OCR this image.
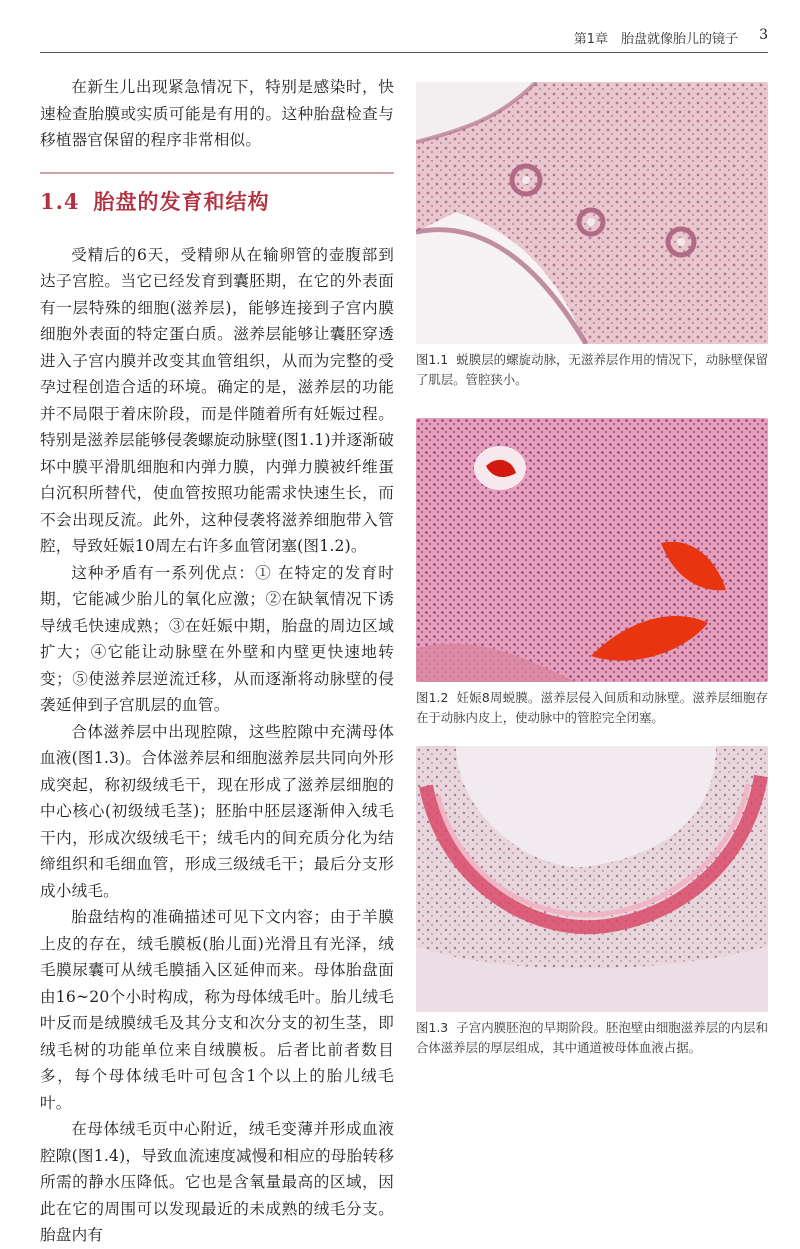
第1章　胎盘就像胎儿的镜子 3

在新生儿出现紧急情况下，特别是感染时，快速检查胎膜或实质可能是有用的。这种胎盘检查与移植器官保留的程序非常相似。

1.4 胎盘的发育和结构

受精后的6天，受精卵从在输卵管的壶腹部到达子宫腔。当它已经发育到囊胚期，在它的外表面有一层特殊的细胞(滋养层)，能够连接到子宫内膜细胞外表面的特定蛋白质。滋养层能够让囊胚穿透进入子宫内膜并改变其血管组织，从而为完整的受孕过程创造合适的环境。确定的是，滋养层的功能并不局限于着床阶段，而是伴随着所有妊娠过程。特别是滋养层能够侵袭螺旋动脉壁(图1.1)并逐渐破坏中膜平滑肌细胞和内弹力膜，内弹力膜被纤维蛋白沉积所替代，使血管按照功能需求快速生长，而不会出现反流。此外，这种侵袭将滋养细胞带入管腔，导致妊娠10周左右许多血管闭塞(图1.2)。

这种矛盾有一系列优点：① 在特定的发育时期，它能减少胎儿的氧化应激；②在缺氧情况下诱导绒毛快速成熟；③在妊娠中期，胎盘的周边区域扩大；④它能让动脉壁在外壁和内壁更快速地转变；⑤使滋养层逆流迁移，从而逐渐将动脉壁的侵袭延伸到子宫肌层的血管。

合体滋养层中出现腔隙，这些腔隙中充满母体血液(图1.3)。合体滋养层和细胞滋养层共同向外形成突起，称初级绒毛干，现在形成了滋养层细胞的中心核心(初级绒毛茎)；胚胎中胚层逐渐伸入绒毛干内，形成次级绒毛干；绒毛内的间充质分化为结缔组织和毛细血管，形成三级绒毛干；最后分支形成小绒毛。

胎盘结构的准确描述可见下文内容；由于羊膜上皮的存在，绒毛膜板(胎儿面)光滑且有光泽，绒毛膜尿囊可从绒毛膜插入区延伸而来。母体胎盘面由16~20个小时构成，称为母体绒毛叶。胎儿绒毛叶反而是绒膜绒毛及其分支和次分支的初生茎，即绒毛树的功能单位来自绒膜板。后者比前者数目多，每个母体绒毛叶可包含1个以上的胎儿绒毛叶。

在母体绒毛页中心附近，绒毛变薄并形成血液腔隙(图1.4)，导致血流速度减慢和相应的母胎转移所需的静水压降低。它也是含氧量最高的区域，因此在它的周围可以发现最近的未成熟的绒毛分支。胎盘内有

图1.1 蜕膜层的螺旋动脉，无滋养层作用的情况下，动脉壁保留了肌层。管腔狭小。
图1.2 妊娠8周蜕膜。滋养层侵入间质和动脉壁。滋养层细胞存在于动脉内皮上，使动脉中的管腔完全闭塞。
图1.3 子宫内膜胚泡的早期阶段。胚泡壁由细胞滋养层的内层和合体滋养层的厚层组成，其中通道被母体血液占据。
